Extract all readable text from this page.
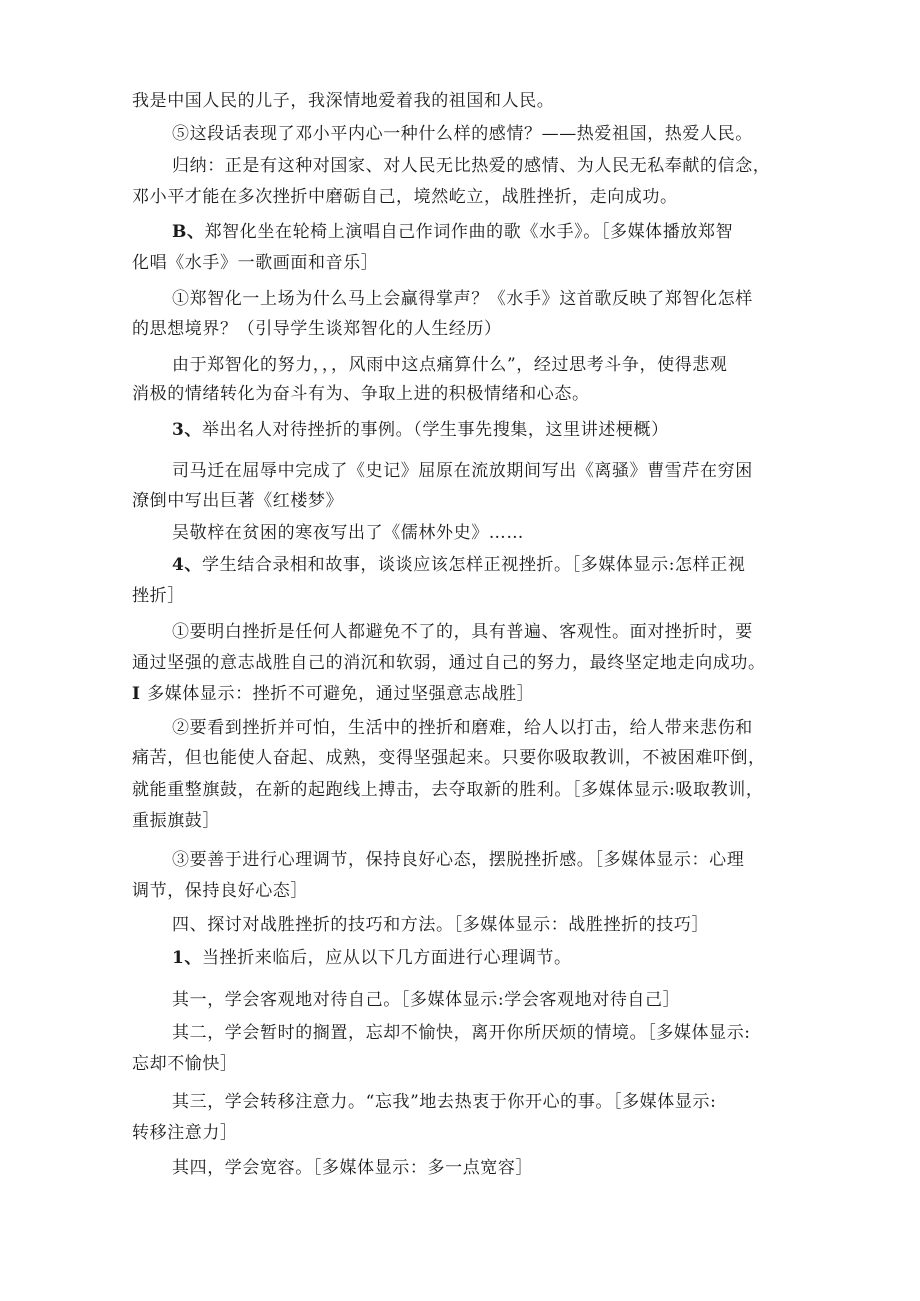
我是中国人民的儿子，我深情地爱着我的祖国和人民。
⑤这段话表现了邓小平内心一种什么样的感情？——热爱祖国，热爱人民。
归纳：正是有这种对国家、对人民无比热爱的感情、为人民无私奉献的信念，
邓小平才能在多次挫折中磨砺自己，境然屹立，战胜挫折，走向成功。
B、郑智化坐在轮椅上演唱自己作词作曲的歌《水手》。［多媒体播放郑智
化唱《水手》一歌画面和音乐］
①郑智化一上场为什么马上会赢得掌声？《水手》这首歌反映了郑智化怎样
的思想境界？（引导学生谈郑智化的人生经历）
由于郑智化的努力，，，风雨中这点痛算什么”，经过思考斗争，使得悲观
消极的情绪转化为奋斗有为、争取上进的积极情绪和心态。
3、举出名人对待挫折的事例。（学生事先搜集，这里讲述梗概）
司马迁在屈辱中完成了《史记》屈原在流放期间写出《离骚》曹雪芹在穷困
潦倒中写出巨著《红楼梦》
吴敬梓在贫困的寒夜写出了《儒林外史》……
4、学生结合录相和故事，谈谈应该怎样正视挫折。［多媒体显示:怎样正视
挫折］
①要明白挫折是任何人都避免不了的，具有普遍、客观性。面对挫折时，要
通过坚强的意志战胜自己的消沉和软弱，通过自己的努力，最终坚定地走向成功。
I 多媒体显示：挫折不可避免，通过坚强意志战胜］
②要看到挫折并可怕，生活中的挫折和磨难，给人以打击，给人带来悲伤和
痛苦，但也能使人奋起、成熟，变得坚强起来。只要你吸取教训，不被困难吓倒，
就能重整旗鼓，在新的起跑线上搏击，去夺取新的胜利。［多媒体显示:吸取教训，
重振旗鼓］
③要善于进行心理调节，保持良好心态，摆脱挫折感。［多媒体显示：心理
调节，保持良好心态］
四、探讨对战胜挫折的技巧和方法。［多媒体显示：战胜挫折的技巧］
1、当挫折来临后，应从以下几方面进行心理调节。
其一，学会客观地对待自己。［多媒体显示:学会客观地对待自己］
其二，学会暂时的搁置，忘却不愉快，离开你所厌烦的情境。［多媒体显示:
忘却不愉快］
其三，学会转移注意力。“忘我”地去热衷于你开心的事。［多媒体显示:
转移注意力］
其四，学会宽容。［多媒体显示：多一点宽容］
